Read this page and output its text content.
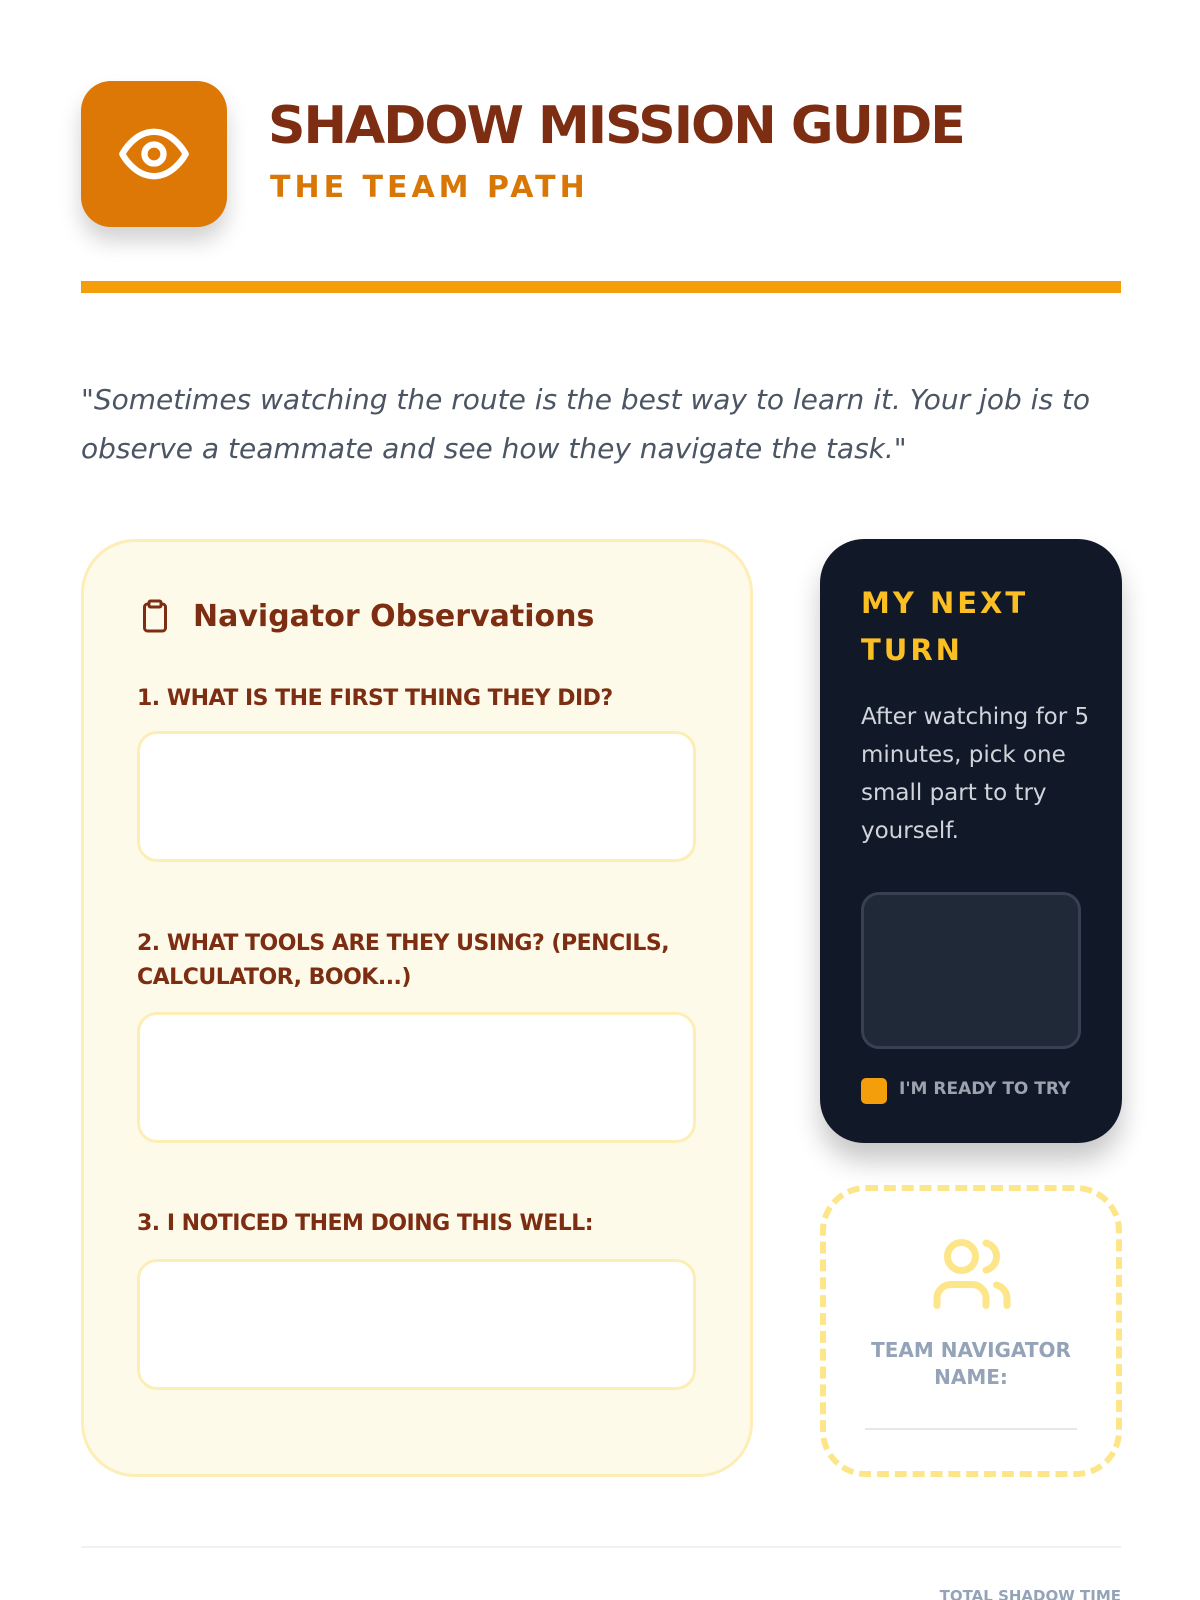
SHADOW MISSION GUIDE
THE TEAM PATH
"Sometimes watching the route is the best way to learn it. Your job is to observe a teammate and see how they navigate the task."
Navigator Observations
1. WHAT IS THE FIRST THING THEY DID?
2. WHAT TOOLS ARE THEY USING? (PENCILS, CALCULATOR, BOOK...)
3. I NOTICED THEM DOING THIS WELL:
MY NEXT TURN
After watching for 5 minutes, pick one small part to try yourself.
I'M READY TO TRY
TEAM NAVIGATOR NAME:
TOTAL SHADOW TIME
